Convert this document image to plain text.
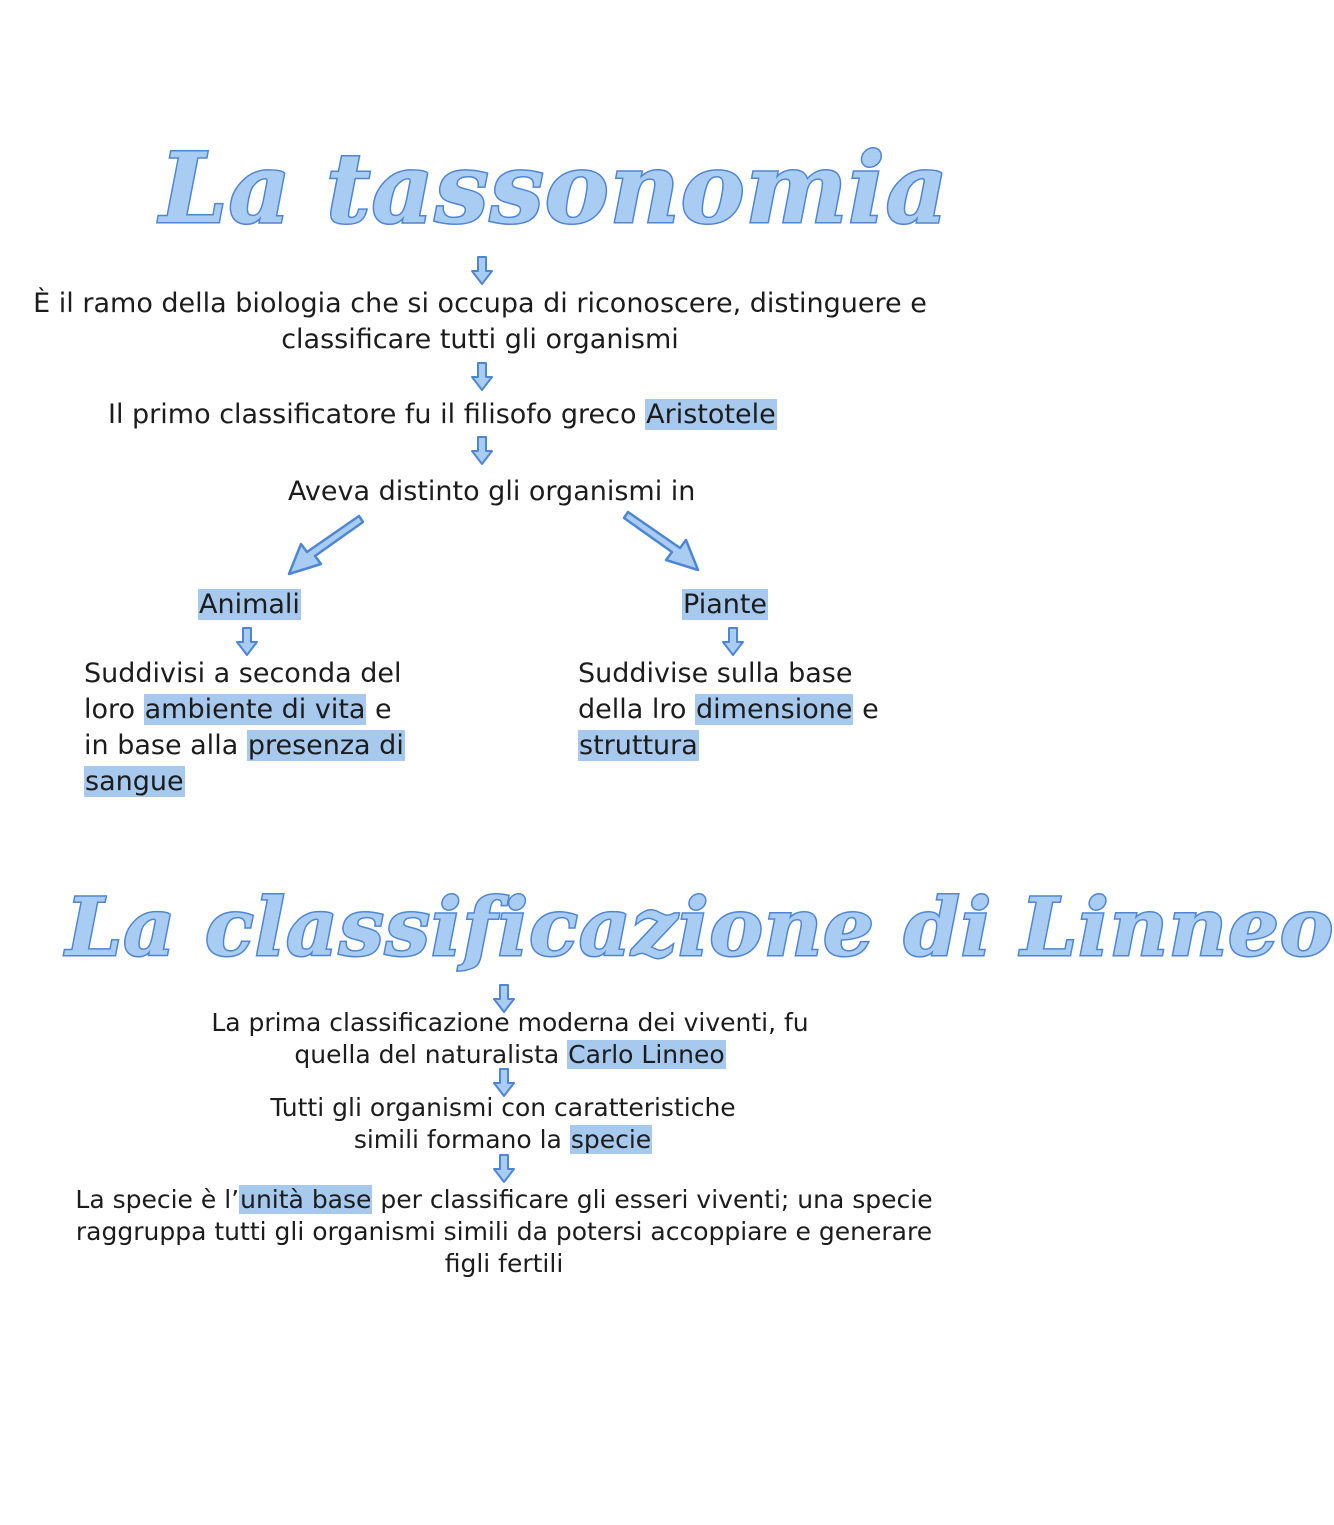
La tassonomia
È il ramo della biologia che si occupa di riconoscere, distinguere e
classificare tutti gli organismi
Il primo classificatore fu il filisofo greco Aristotele
Aveva distinto gli organismi in
Animali
Suddivisi a seconda del
loro ambiente di vita e
in base alla presenza di
sangue
Piante
Suddivise sulla base
della lro dimensione e
struttura
La classificazione di Linneo
La prima classificazione moderna dei viventi, fu
quella del naturalista Carlo Linneo
Tutti gli organismi con caratteristiche
simili formano la specie
La specie è l’unità base per classificare gli esseri viventi; una specie
raggruppa tutti gli organismi simili da potersi accoppiare e generare
figli fertili
